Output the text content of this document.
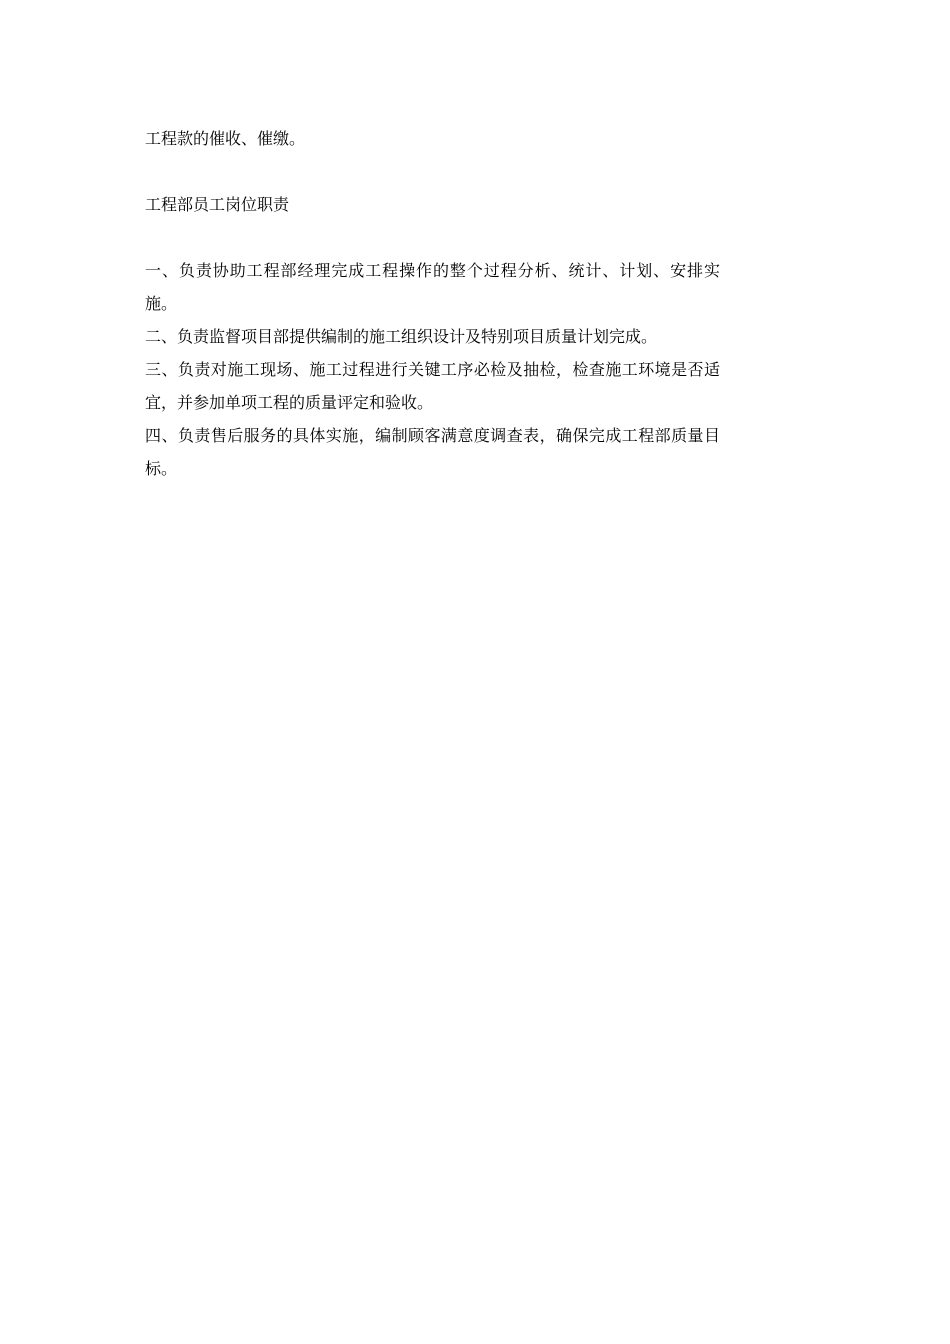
工程款的催收、催缴。

工程部员工岗位职责

一、负责协助工程部经理完成工程操作的整个过程分析、统计、计划、安排实施。

二、负责监督项目部提供编制的施工组织设计及特别项目质量计划完成。

三、负责对施工现场、施工过程进行关键工序必检及抽检，检查施工环境是否适宜，并参加单项工程的质量评定和验收。

四、负责售后服务的具体实施，编制顾客满意度调查表，确保完成工程部质量目标。
